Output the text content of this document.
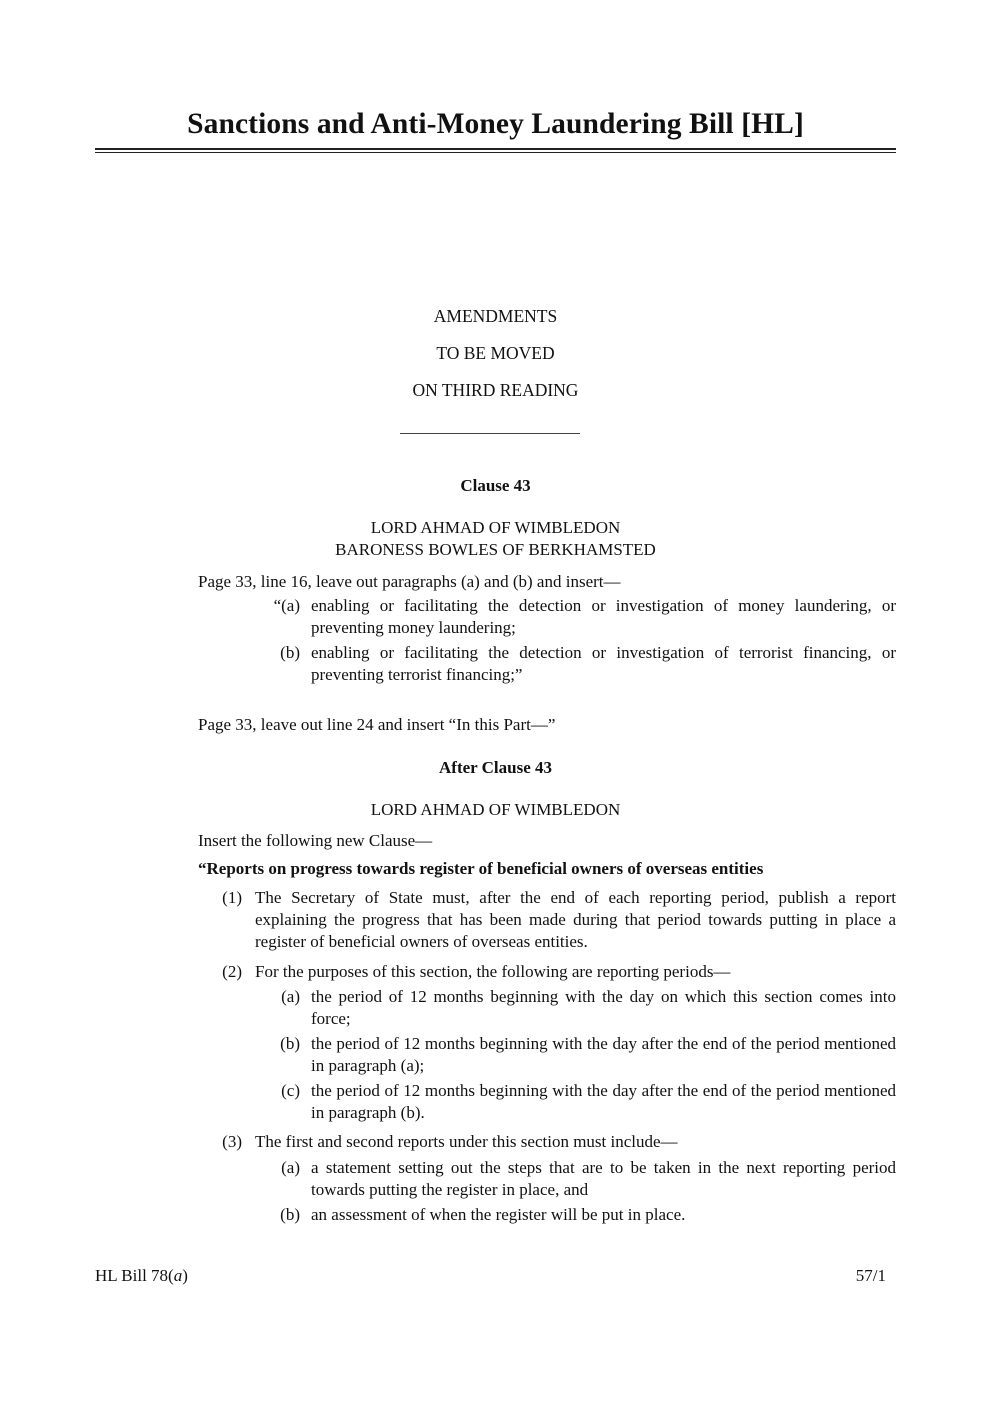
Sanctions and Anti-Money Laundering Bill [HL]
AMENDMENTS
TO BE MOVED
ON THIRD READING
Clause 43
LORD AHMAD OF WIMBLEDON
BARONESS BOWLES OF BERKHAMSTED
Page 33, line 16, leave out paragraphs (a) and (b) and insert—
“(a) enabling or facilitating the detection or investigation of money laundering, or preventing money laundering;
(b) enabling or facilitating the detection or investigation of terrorist financing, or preventing terrorist financing;”
Page 33, leave out line 24 and insert “In this Part—”
After Clause 43
LORD AHMAD OF WIMBLEDON
Insert the following new Clause—
“Reports on progress towards register of beneficial owners of overseas entities
(1) The Secretary of State must, after the end of each reporting period, publish a report explaining the progress that has been made during that period towards putting in place a register of beneficial owners of overseas entities.
(2) For the purposes of this section, the following are reporting periods—
(a) the period of 12 months beginning with the day on which this section comes into force;
(b) the period of 12 months beginning with the day after the end of the period mentioned in paragraph (a);
(c) the period of 12 months beginning with the day after the end of the period mentioned in paragraph (b).
(3) The first and second reports under this section must include—
(a) a statement setting out the steps that are to be taken in the next reporting period towards putting the register in place, and
(b) an assessment of when the register will be put in place.
HL Bill 78(a)	57/1
